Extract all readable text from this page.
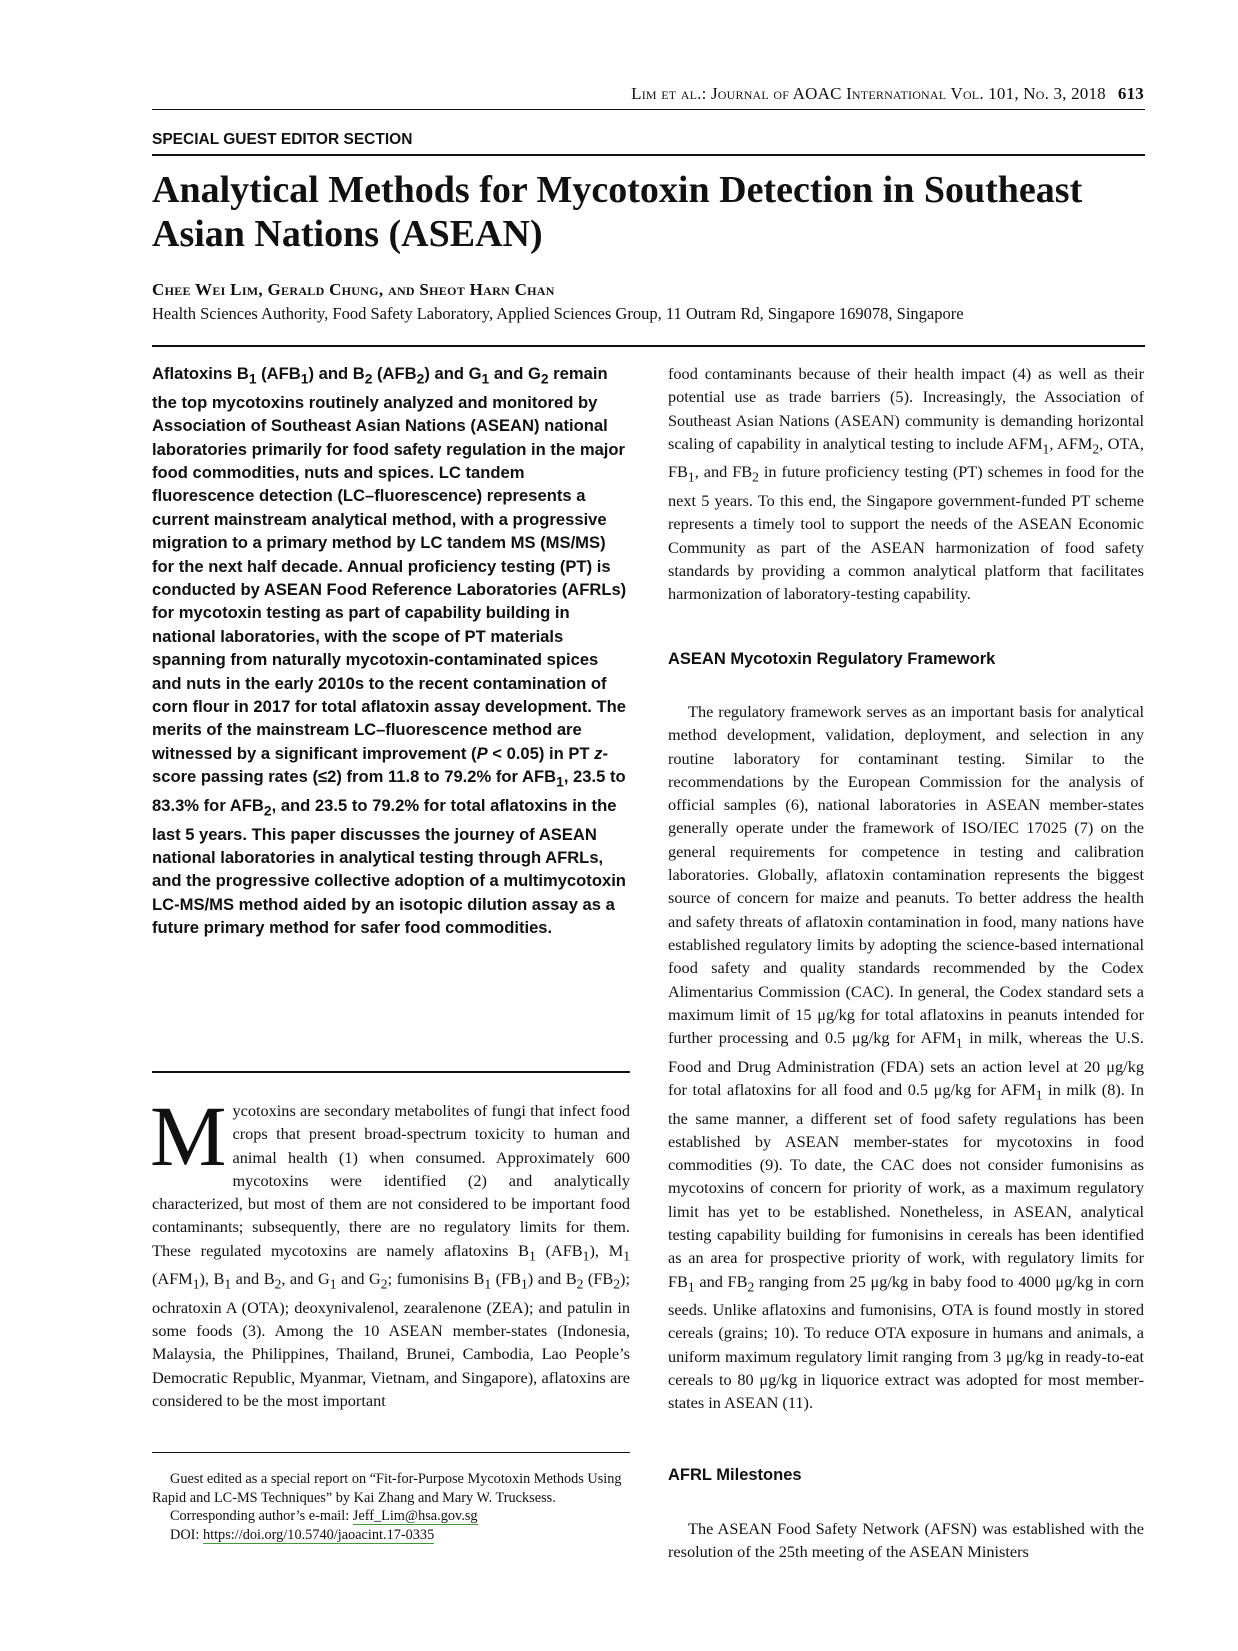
Lim et al.: Journal of AOAC International Vol. 101, No. 3, 2018 613
SPECIAL GUEST EDITOR SECTION
Analytical Methods for Mycotoxin Detection in Southeast Asian Nations (ASEAN)
Chee Wei Lim, Gerald Chung, and Sheot Harn Chan
Health Sciences Authority, Food Safety Laboratory, Applied Sciences Group, 11 Outram Rd, Singapore 169078, Singapore
Aflatoxins $B_1$ $(AFB_1)$ and $B_2$ $(AFB_2)$ and $G_1$ and $G_2$ remain the top mycotoxins routinely analyzed and monitored by Association of Southeast Asian Nations (ASEAN) national laboratories primarily for food safety regulation in the major food commodities, nuts and spices. LC tandem fluorescence detection (LC–fluorescence) represents a current mainstream analytical method, with a progressive migration to a primary method by LC tandem MS (MS/MS) for the next half decade. Annual proficiency testing (PT) is conducted by ASEAN Food Reference Laboratories (AFRLs) for mycotoxin testing as part of capability building in national laboratories, with the scope of PT materials spanning from naturally mycotoxin-contaminated spices and nuts in the early 2010s to the recent contamination of corn flour in 2017 for total aflatoxin assay development. The merits of the mainstream LC–fluorescence method are witnessed by a significant improvement (P < 0.05) in PT z-score passing rates (≤2) from 11.8 to 79.2% for $AFB_1$, 23.5 to 83.3% for $AFB_2$, and 23.5 to 79.2% for total aflatoxins in the last 5 years. This paper discusses the journey of ASEAN national laboratories in analytical testing through AFRLs, and the progressive collective adoption of a multimycotoxin LC-MS/MS method aided by an isotopic dilution assay as a future primary method for safer food commodities.

Mycotoxins are secondary metabolites of fungi that infect food crops that present broad-spectrum toxicity to human and animal health (1) when consumed. Approximately 600 mycotoxins were identified (2) and analytically characterized, but most of them are not considered to be important food contaminants; subsequently, there are no regulatory limits for them. These regulated mycotoxins are namely aflatoxins $B_1$ $(AFB_1)$, $M_1$ $(AFM_1)$, $B_1$ and $B_2$, and $G_1$ and $G_2$; fumonisins $B_1$ $(FB_1)$ and $B_2$ $(FB_2)$; ochratoxin A (OTA); deoxynivalenol, zearalenone (ZEA); and patulin in some foods (3). Among the 10 ASEAN member-states (Indonesia, Malaysia, the Philippines, Thailand, Brunei, Cambodia, Lao People’s Democratic Republic, Myanmar, Vietnam, and Singapore), aflatoxins are considered to be the most important

Guest edited as a special report on “Fit-for-Purpose Mycotoxin Methods Using Rapid and LC-MS Techniques” by Kai Zhang and Mary W. Trucksess.

Corresponding author’s e-mail: Jeff_Lim@hsa.gov.sg

DOI: https://doi.org/10.5740/jaoacint.17-0335

food contaminants because of their health impact (4) as well as their potential use as trade barriers (5). Increasingly, the Association of Southeast Asian Nations (ASEAN) community is demanding horizontal scaling of capability in analytical testing to include $AFM_1$, $AFM_2$, OTA, $FB_1$, and $FB_2$ in future proficiency testing (PT) schemes in food for the next 5 years. To this end, the Singapore government-funded PT scheme represents a timely tool to support the needs of the ASEAN Economic Community as part of the ASEAN harmonization of food safety standards by providing a common analytical platform that facilitates harmonization of laboratory-testing capability.

ASEAN Mycotoxin Regulatory Framework

The regulatory framework serves as an important basis for analytical method development, validation, deployment, and selection in any routine laboratory for contaminant testing. Similar to the recommendations by the European Commission for the analysis of official samples (6), national laboratories in ASEAN member-states generally operate under the framework of ISO/IEC 17025 (7) on the general requirements for competence in testing and calibration laboratories. Globally, aflatoxin contamination represents the biggest source of concern for maize and peanuts. To better address the health and safety threats of aflatoxin contamination in food, many nations have established regulatory limits by adopting the science-based international food safety and quality standards recommended by the Codex Alimentarius Commission (CAC). In general, the Codex standard sets a maximum limit of 15 μg/kg for total aflatoxins in peanuts intended for further processing and 0.5 μg/kg for $AFM_1$ in milk, whereas the U.S. Food and Drug Administration (FDA) sets an action level at 20 μg/kg for total aflatoxins for all food and 0.5 μg/kg for $AFM_1$ in milk (8). In the same manner, a different set of food safety regulations has been established by ASEAN member-states for mycotoxins in food commodities (9). To date, the CAC does not consider fumonisins as mycotoxins of concern for priority of work, as a maximum regulatory limit has yet to be established. Nonetheless, in ASEAN, analytical testing capability building for fumonisins in cereals has been identified as an area for prospective priority of work, with regulatory limits for $FB_1$ and $FB_2$ ranging from 25 μg/kg in baby food to 4000 μg/kg in corn seeds. Unlike aflatoxins and fumonisins, OTA is found mostly in stored cereals (grains; 10). To reduce OTA exposure in humans and animals, a uniform maximum regulatory limit ranging from 3 μg/kg in ready-to-eat cereals to 80 μg/kg in liquorice extract was adopted for most member-states in ASEAN (11).

AFRL Milestones

The ASEAN Food Safety Network (AFSN) was established with the resolution of the 25th meeting of the ASEAN Ministers
